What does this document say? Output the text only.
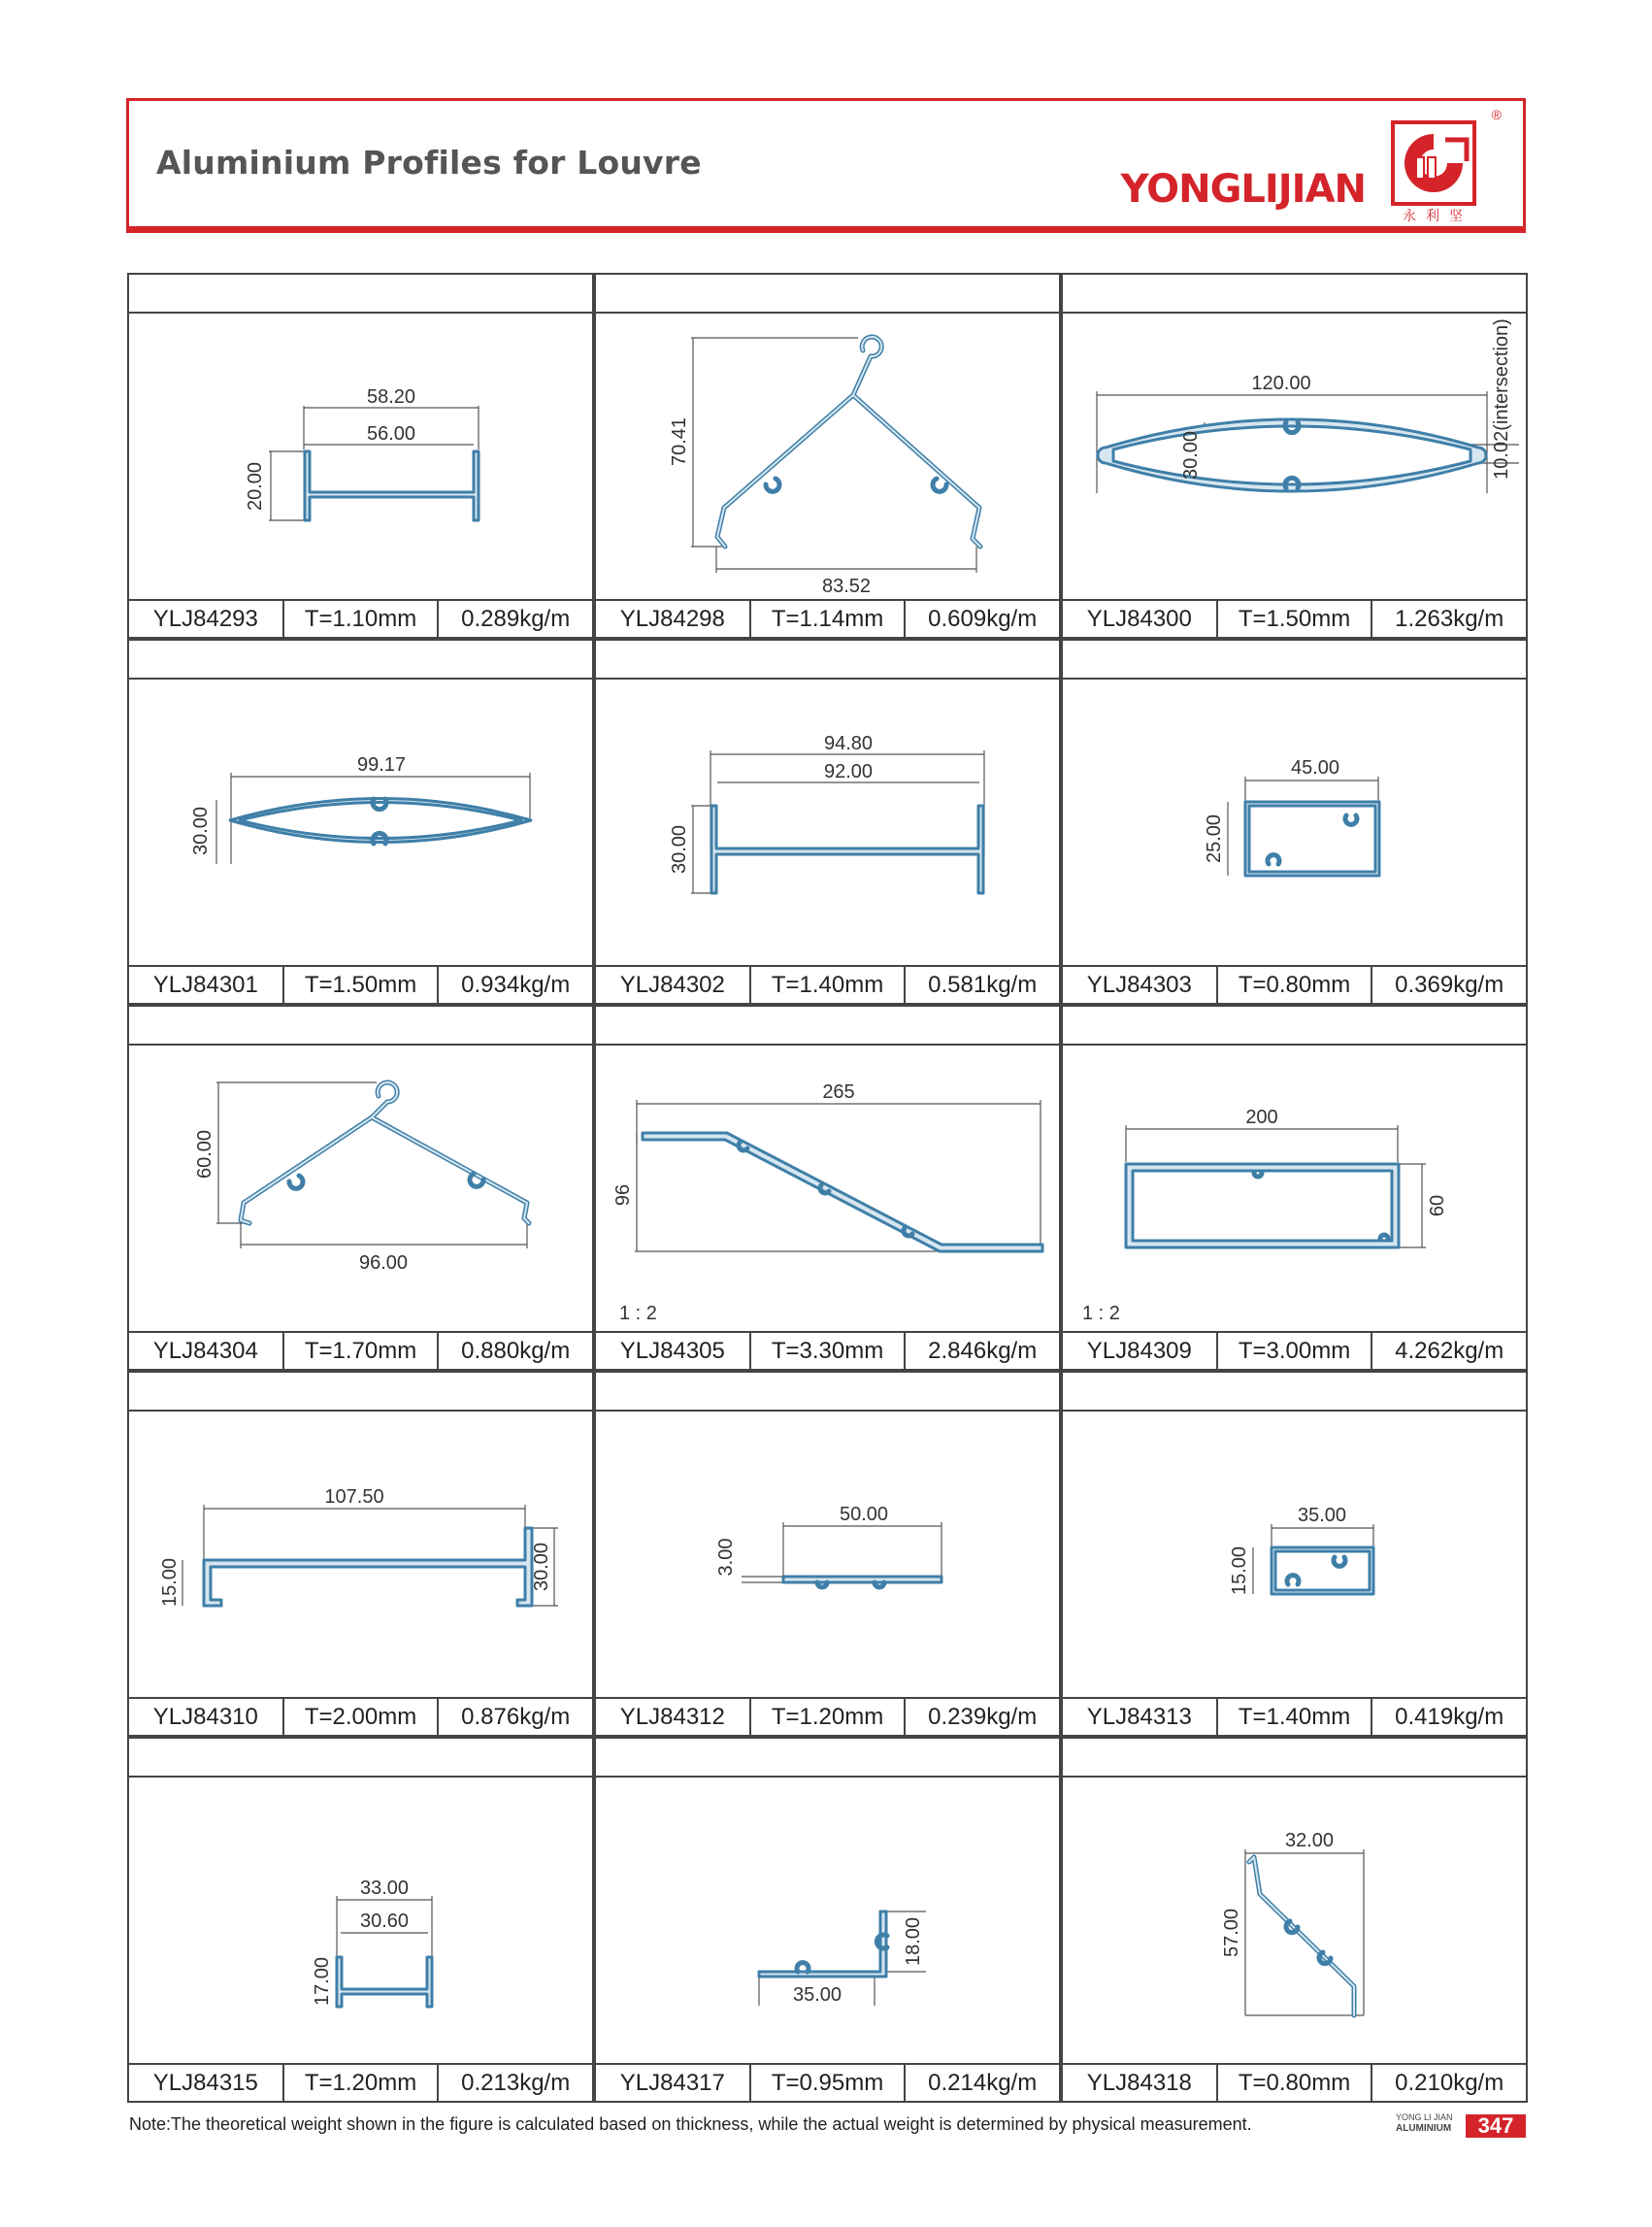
Aluminium Profiles for Louvre
YONGLIJIAN
永利坚
®
58.20
56.00
20.00
YLJ84293	T=1.10mm	0.289kg/m
70.41
83.52
YLJ84298	T=1.14mm	0.609kg/m
120.00
30.00	10.02(intersection)
YLJ84300	T=1.50mm	1.263kg/m
99.17
30.00
YLJ84301	T=1.50mm	0.934kg/m
94.80
92.00
30.00
YLJ84302	T=1.40mm	0.581kg/m
45.00
25.00
YLJ84303	T=0.80mm	0.369kg/m
60.00
96.00
YLJ84304	T=1.70mm	0.880kg/m
265
96
1 : 2
YLJ84305	T=3.30mm	2.846kg/m
200
60
1 : 2
YLJ84309	T=3.00mm	4.262kg/m
107.50
15.00	30.00
YLJ84310	T=2.00mm	0.876kg/m
50.00
3.00
YLJ84312	T=1.20mm	0.239kg/m
35.00
15.00
YLJ84313	T=1.40mm	0.419kg/m
33.00
30.60
17.00
YLJ84315	T=1.20mm	0.213kg/m
35.00
18.00
YLJ84317	T=0.95mm	0.214kg/m
32.00
57.00
YLJ84318	T=0.80mm	0.210kg/m
Note:The theoretical weight shown in the figure is calculated based on thickness, while the actual weight is determined by physical measurement.	YONG LI JIAN
ALUMINIUM	347
